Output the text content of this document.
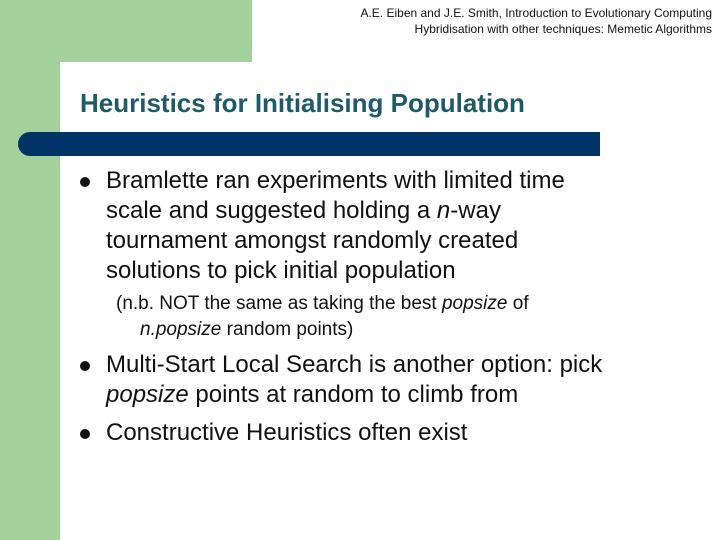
A.E. Eiben and J.E. Smith, Introduction to Evolutionary Computing
Hybridisation with other techniques: Memetic Algorithms
Heuristics for Initialising Population
Bramlette ran experiments with limited time
scale and suggested holding a n-way
tournament amongst randomly created
solutions to pick initial population
(n.b. NOT the same as taking the best popsize of
n.popsize random points)
Multi-Start Local Search is another option: pick
popsize points at random to climb from
Constructive Heuristics often exist
